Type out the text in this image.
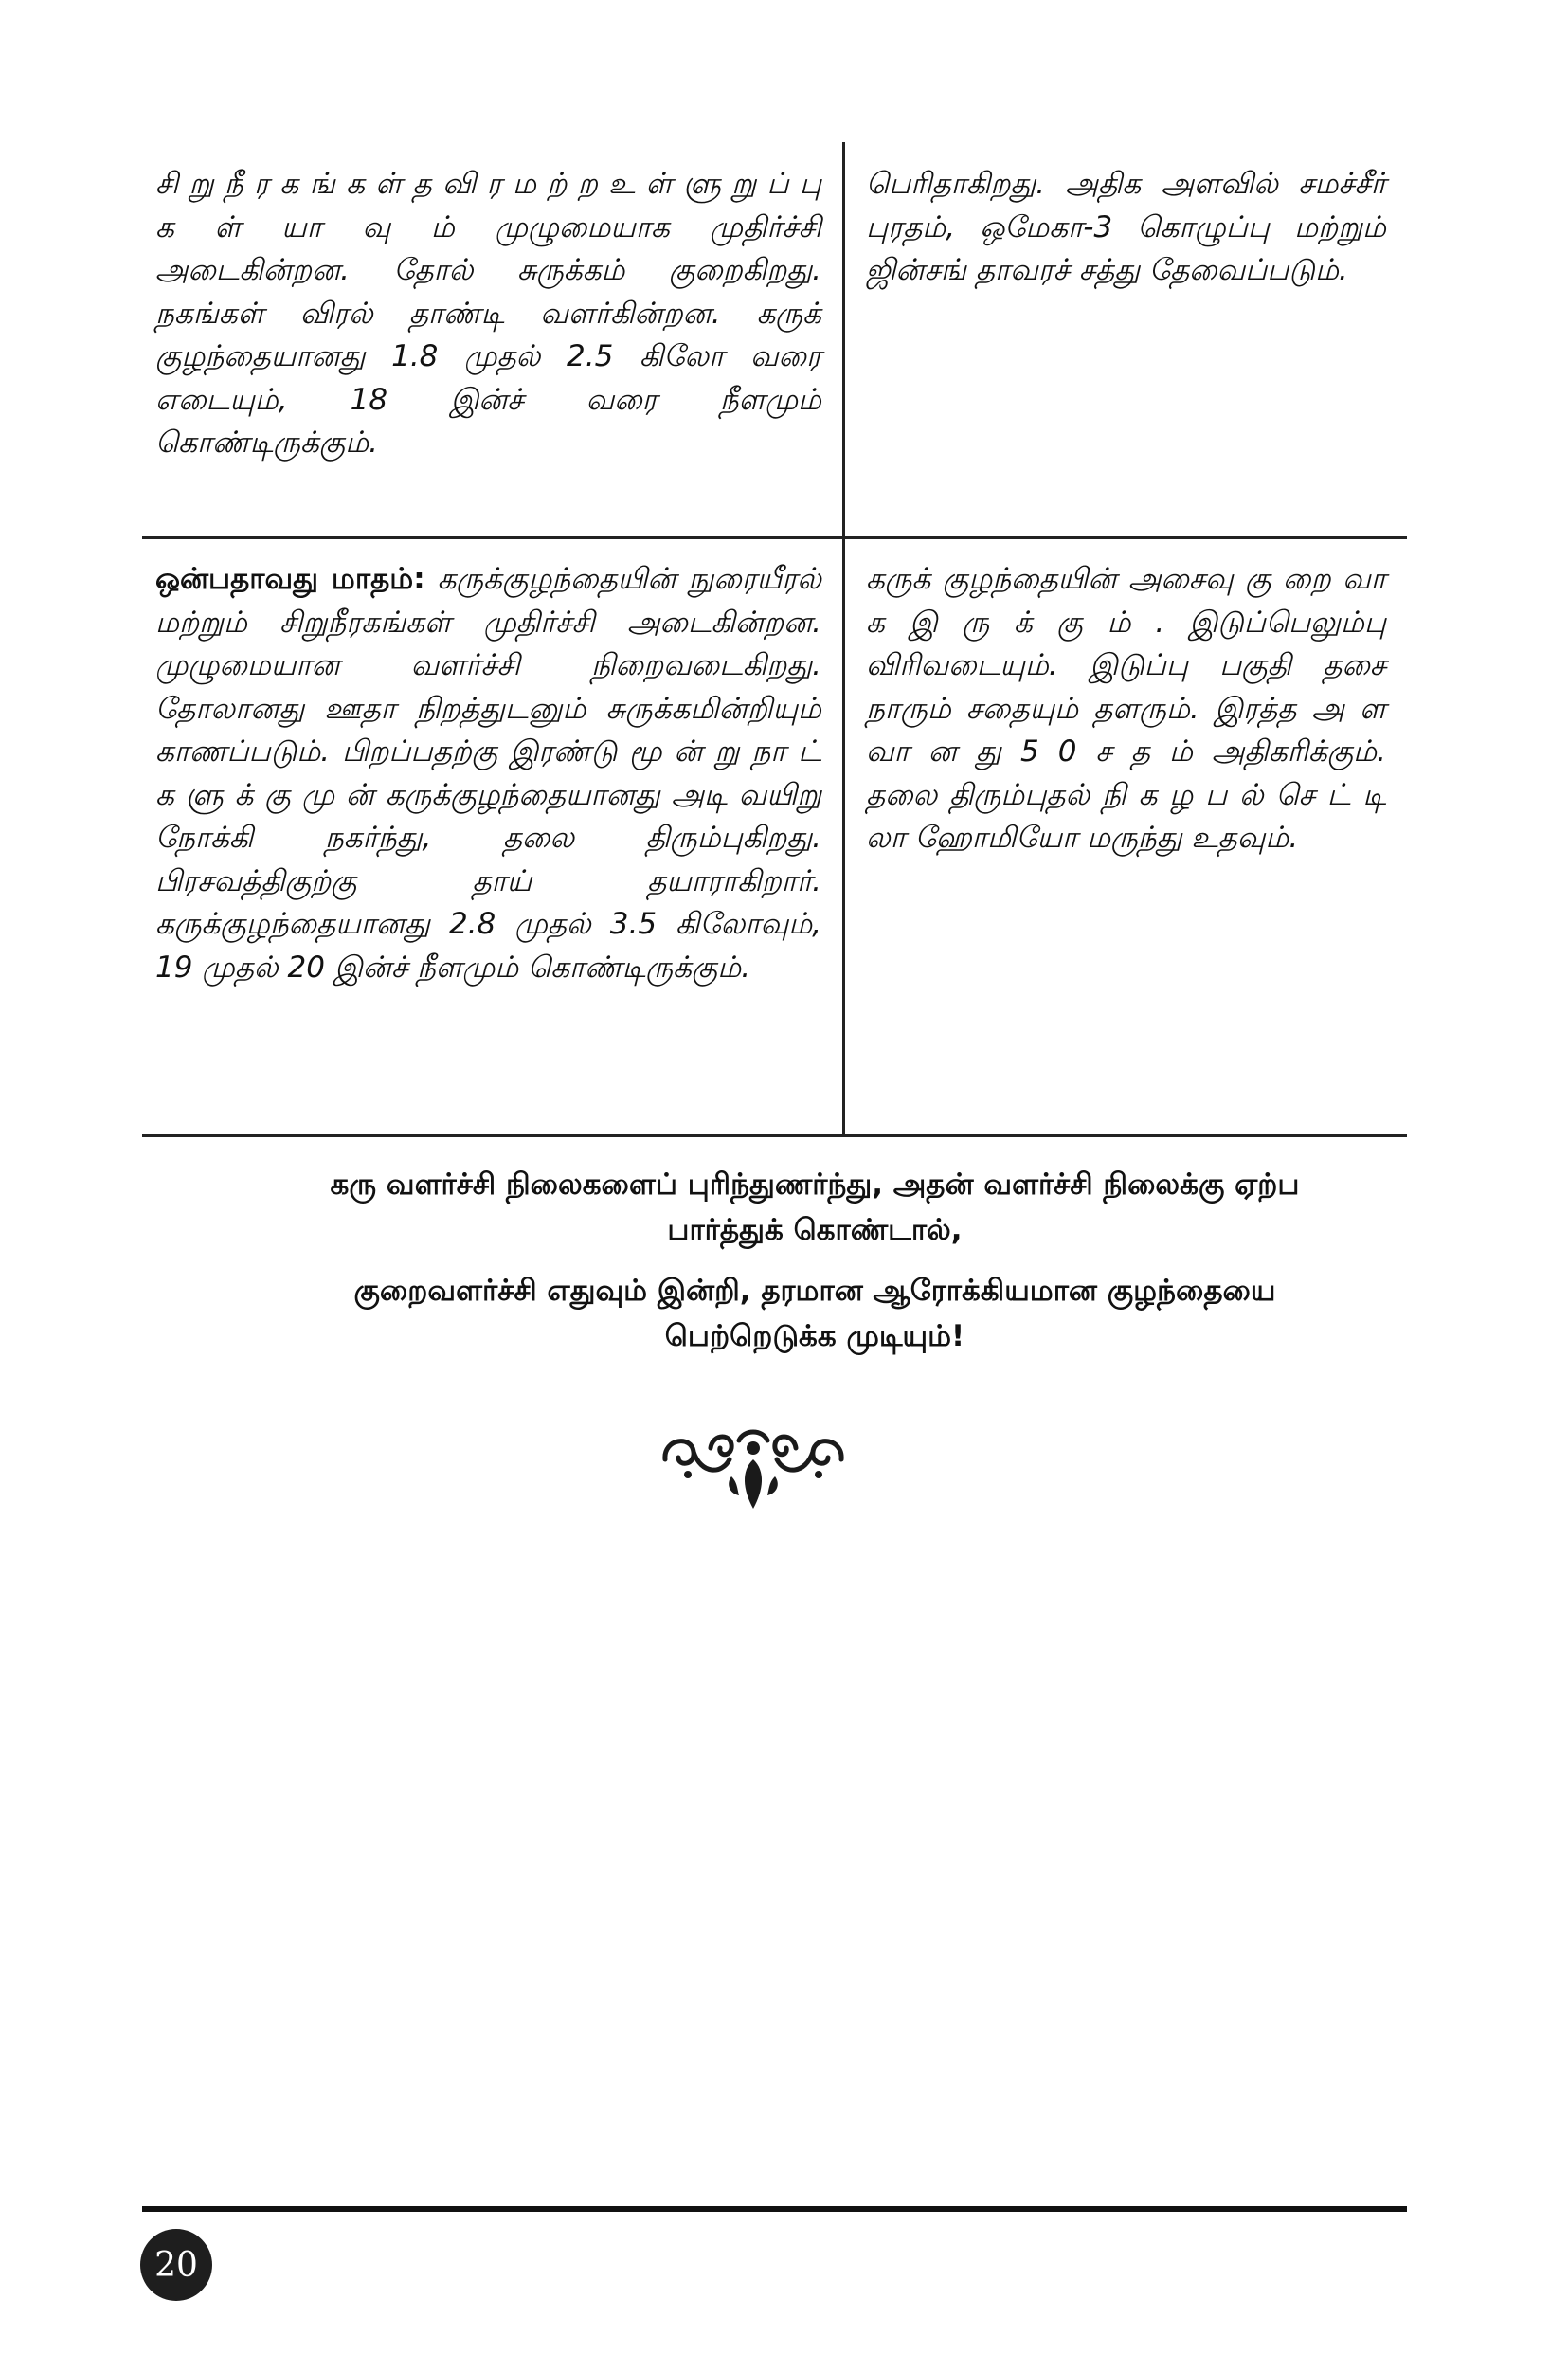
சி று நீ ர க ங் க ள் த வி ர ம ற் ற உ ள் ளு று ப் பு க ள் யா வு ம் முழுமையாக முதிர்ச்சி அடைகின்றன. தோல் சுருக்கம் குறைகிறது. நகங்கள் விரல் தாண்டி வளர்கின்றன. கருக் குழந்தையானது 1.8 முதல் 2.5 கிலோ வரை எடையும், 18 இன்ச் வரை நீளமும் கொண்டிருக்கும்.
பெரிதாகிறது. அதிக அளவில் சமச்சீர் புரதம், ஒமேகா-3 கொழுப்பு மற்றும் ஜின்சங் தாவரச் சத்து தேவைப்படும்.
ஒன்பதாவது மாதம்: கருக்குழந்தையின் நுரையீரல் மற்றும் சிறுநீரகங்கள் முதிர்ச்சி அடைகின்றன. முழுமையான வளர்ச்சி நிறைவடைகிறது. தோலானது ஊதா நிறத்துடனும் சுருக்கமின்றியும் காணப்படும். பிறப்பதற்கு இரண்டு மூ ன் று நா ட் க ளு க் கு மு ன் கருக்குழந்தையானது அடி வயிறு நோக்கி நகர்ந்து, தலை திரும்புகிறது. பிரசவத்திகுற்கு தாய் தயாராகிறார். கருக்குழந்தையானது 2.8 முதல் 3.5 கிலோவும், 19 முதல் 20 இன்ச் நீளமும் கொண்டிருக்கும்.
கருக் குழந்தையின் அசைவு கு றை வா க இ ரு க் கு ம் . இடுப்பெலும்பு விரிவடையும். இடுப்பு பகுதி தசை நாரும் சதையும் தளரும். இரத்த அ ள வா ன து 5 0 ச த ம் அதிகரிக்கும். தலை திரும்புதல் நி க ழ ப ல் செ ட் டி லா ஹோமியோ மருந்து உதவும்.
கரு வளர்ச்சி நிலைகளைப் புரிந்துணர்ந்து, அதன் வளர்ச்சி நிலைக்கு ஏற்ப பார்த்துக் கொண்டால்,
குறைவளர்ச்சி எதுவும் இன்றி, தரமான ஆரோக்கியமான குழந்தையை பெற்றெடுக்க முடியும்!
20
